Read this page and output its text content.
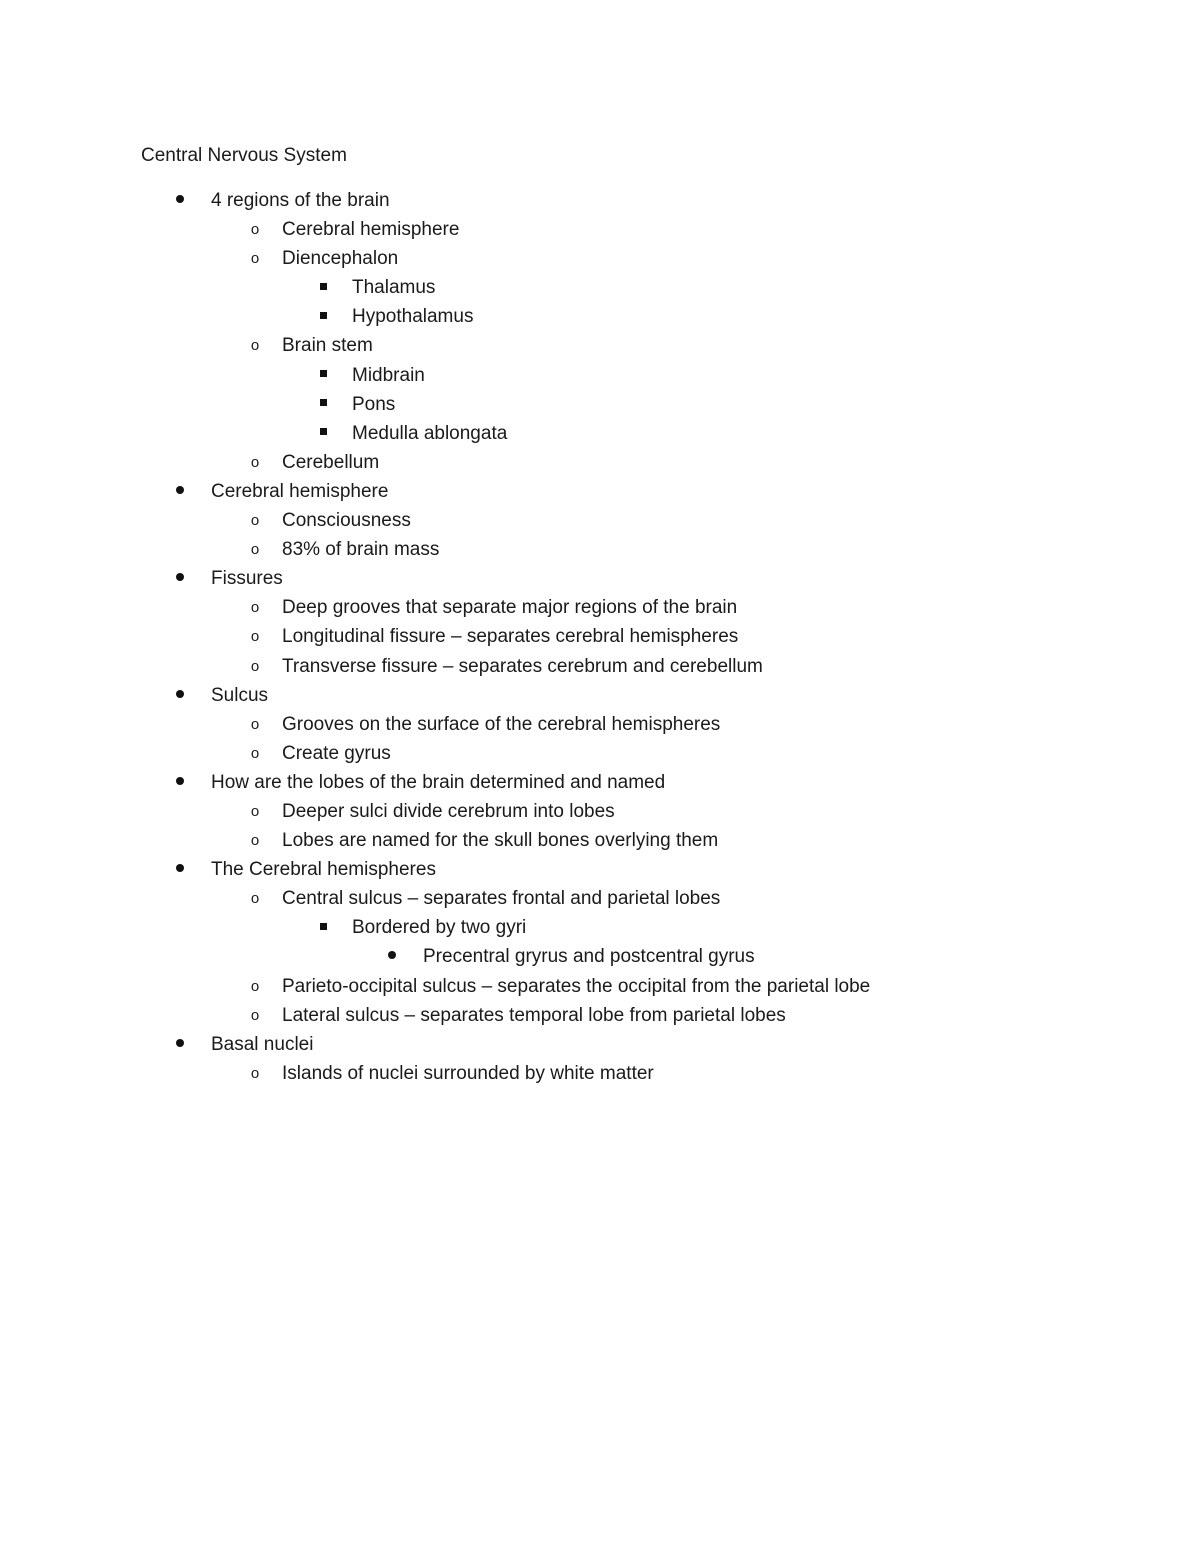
Central Nervous System
4 regions of the brain
o
Cerebral hemisphere
o
Diencephalon
Thalamus
Hypothalamus
o
Brain stem
Midbrain
Pons
Medulla ablongata
o
Cerebellum
Cerebral hemisphere
o
Consciousness
o
83% of brain mass
Fissures
o
Deep grooves that separate major regions of the brain
o
Longitudinal fissure – separates cerebral hemispheres
o
Transverse fissure – separates cerebrum and cerebellum
Sulcus
o
Grooves on the surface of the cerebral hemispheres
o
Create gyrus
How are the lobes of the brain determined and named
o
Deeper sulci divide cerebrum into lobes
o
Lobes are named for the skull bones overlying them
The Cerebral hemispheres
o
Central sulcus – separates frontal and parietal lobes
Bordered by two gyri
Precentral gryrus and postcentral gyrus
o
Parieto-occipital sulcus – separates the occipital from the parietal lobe
o
Lateral sulcus – separates temporal lobe from parietal lobes
Basal nuclei
o
Islands of nuclei surrounded by white matter
